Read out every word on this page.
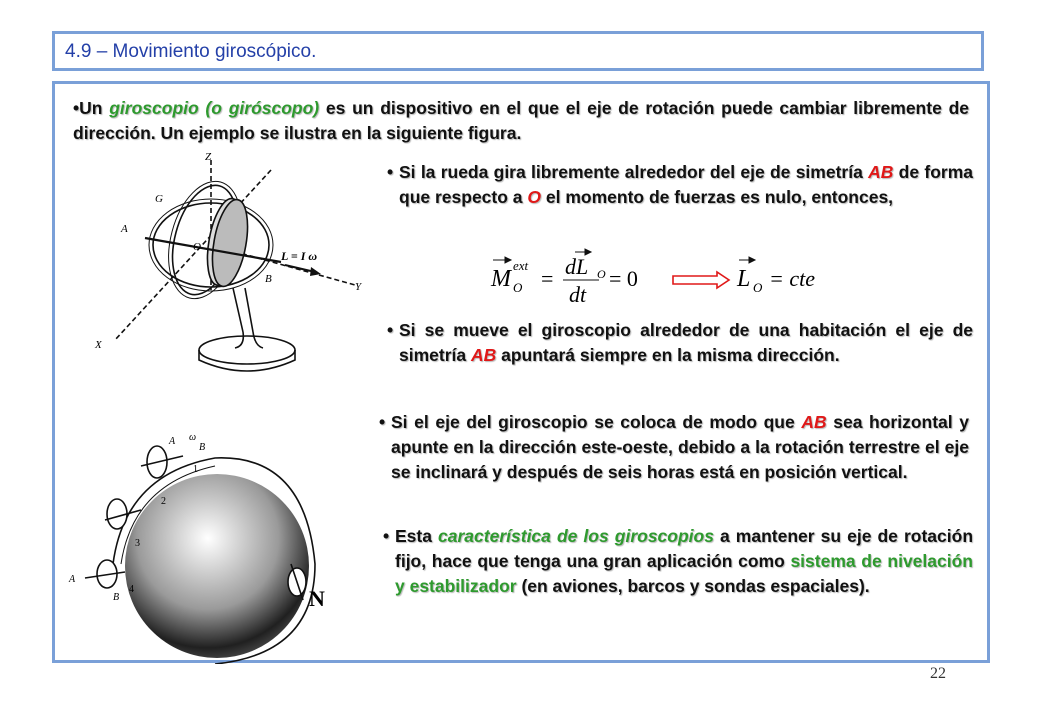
4.9 – Movimiento giroscópico.
•Un giroscopio (o giróscopo) es un dispositivo en el que el eje de rotación puede cambiar libremente de dirección. Un ejemplo se ilustra en la siguiente figura.
Z
G
A
O
B
L = I ω
Y
X
N
1
2
3
4
A
B
A
B
ω
• Si la rueda gira libremente alrededor del eje de simetría AB de forma que respecto a O el momento de fuerzas es nulo, entonces,
M
ext
O = dL O
dt
= 0	L O = cte
• Si se mueve el giroscopio alrededor de una habitación el eje de simetría AB apuntará siempre en la misma dirección.
• Si el eje del giroscopio se coloca de modo que AB sea horizontal y apunte en la dirección este-oeste, debido a la rotación terrestre el eje se inclinará y después de seis horas está en posición vertical.
• Esta característica de los giroscopios a mantener su eje de rotación fijo, hace que tenga una gran aplicación como sistema de nivelación y estabilizador (en aviones, barcos y sondas espaciales).
22
